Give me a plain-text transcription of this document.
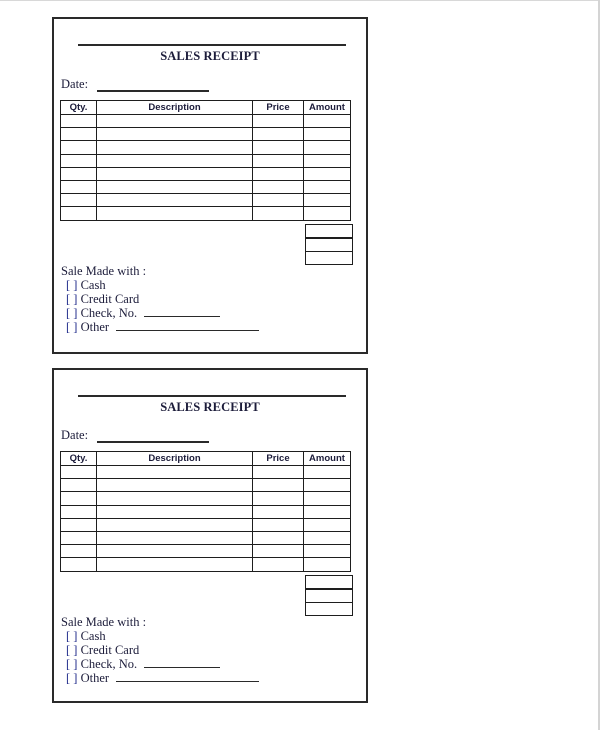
SALES RECEIPT
Date:
Qty.	Description	Price	Amount

Sale Made with :
[ ] Cash
[ ] Credit Card
[ ] Check, No.
[ ] Other
SALES RECEIPT
Date:
Qty.	Description	Price	Amount

Sale Made with :
[ ] Cash
[ ] Credit Card
[ ] Check, No.
[ ] Other
